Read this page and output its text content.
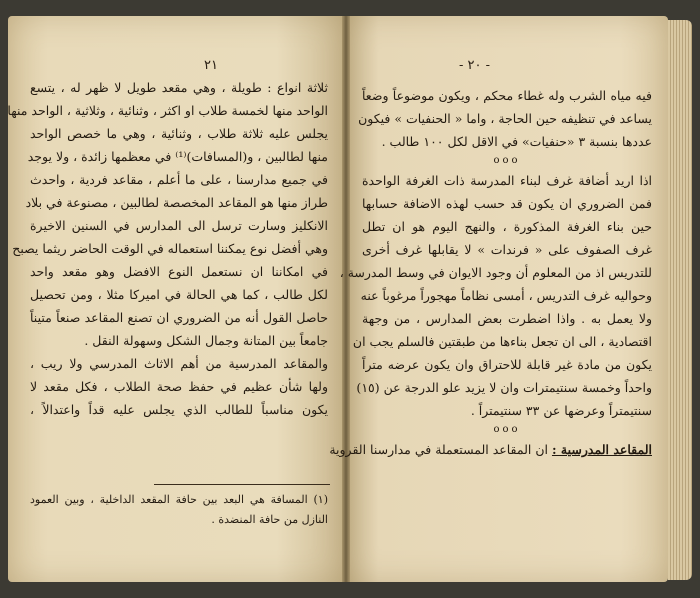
٢١
ثلاثة انواع : طويلة ، وهي مقعد طويل لا ظهر له ، يتسع
الواحد منها لخمسة طلاب او اكثر ، وثنائية ، وثلاثية ، الواحد منها
يجلس عليه ثلاثة طلاب ، وثنائية ، وهي ما خصص الواحد
منها لطالبين ، و(المسافات)⁽¹⁾ في معظمها زائدة ، ولا يوجد
في جميع مدارسنا ، على ما أعلم ، مقاعد فردية ، واحدث
طراز منها هو المقاعد المخصصة لطالبين ، مصنوعة في بلاد
الانكليز وسارت ترسل الى المدارس في السنين الاخيرة
وهي أفضل نوع يمكننا استعماله في الوقت الحاضر ريثما يصبح
في امكاننا ان نستعمل النوع الافضل وهو مقعد واحد
لكل طالب ، كما هي الحالة في اميركا مثلا ، ومن تحصيل
حاصل القول أنه من الضروري ان تصنع المقاعد صنعاً متيناً
جامعاً بين المتانة وجمال الشكل وسهولة النقل .
والمقاعد المدرسية من أهم الاثاث المدرسي ولا ريب ،
ولها شأن عظيم في حفظ صحة الطلاب ، فكل مقعد لا
يكون مناسباً للطالب الذي يجلس عليه قداً واعتدالاً ،
(١) المسافة هي البعد بين حافة المقعد الداخلية ، وبين العمود
النازل من حافة المنضدة .
- ٢٠ -
فيه مياه الشرب وله غطاء محكم ، ويكون موضوعاً وضعاً
يساعد في تنظيفه حين الحاجة ، واما « الحنفيات » فيكون
عددها بنسبة ٣ «حنفيات» في الاقل لكل ١٠٠ طالب .
ooo
اذا اريد أضافة غرف لبناء المدرسة ذات الغرفة الواحدة
فمن الضروري ان يكون قد حسب لهذه الاضافة حسابها
حين بناء الغرفة المذكورة ، والنهج اليوم هو ان تطل
غرف الصفوف على « فرندات » لا يقابلها غرف أخرى
للتدريس اذ من المعلوم أن وجود الايوان في وسط المدرسة ،
وحواليه غرف التدريس ، أمسى نظاماً مهجوراً مرغوباً عنه
ولا يعمل به . واذا اضطرت بعض المدارس ، من وجهة
اقتصادية ، الى ان تجعل بناءها من طبقتين فالسلم يجب ان
يكون من مادة غير قابلة للاحتراق وان يكون عرضه متراً
واحداً وخمسة سنتيمترات وان لا يزيد علو الدرجة عن (١٥)
سنتيمتراً وعرضها عن ٣٣ سنتيمتراً .
ooo
المقاعد المدرسية : ان المقاعد المستعملة في مدارسنا القروية
